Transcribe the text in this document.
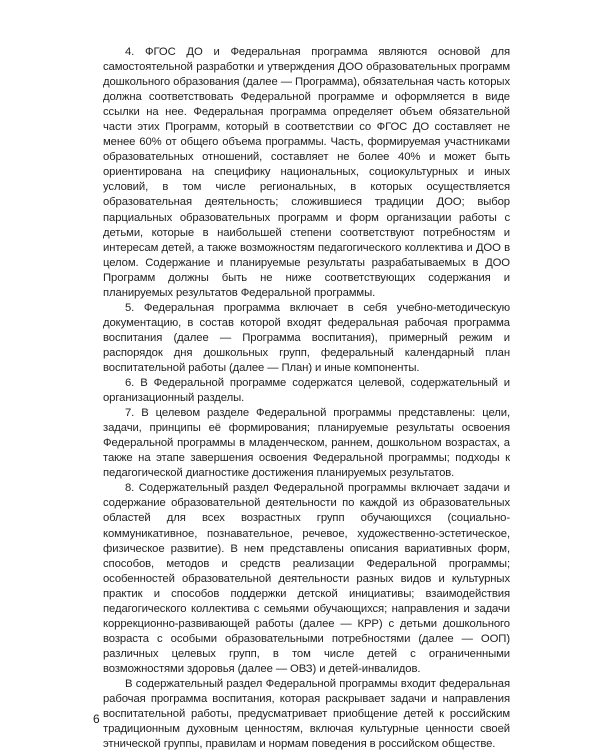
4. ФГОС ДО и Федеральная программа являются основой для самостоятельной разработки и утверждения ДОО образовательных программ дошкольного образования (далее — Программа), обязательная часть которых должна соответствовать Федеральной программе и оформляется в виде ссылки на нее. Федеральная программа определяет объем обязательной части этих Программ, который в соответствии со ФГОС ДО составляет не менее 60% от общего объема программы. Часть, формируемая участниками образовательных отношений, составляет не более 40% и может быть ориентирована на специфику национальных, социокультурных и иных условий, в том числе региональных, в которых осуществляется образовательная деятельность; сложившиеся традиции ДОО; выбор парциальных образовательных программ и форм организации работы с детьми, которые в наибольшей степени соответствуют потребностям и интересам детей, а также возможностям педагогического коллектива и ДОО в целом. Содержание и планируемые результаты разрабатываемых в ДОО Программ должны быть не ниже соответствующих содержания и планируемых результатов Федеральной программы.

5. Федеральная программа включает в себя учебно-методическую документацию, в состав которой входят федеральная рабочая программа воспитания (далее — Программа воспитания), примерный режим и распорядок дня дошкольных групп, федеральный календарный план воспитательной работы (далее — План) и иные компоненты.

6. В Федеральной программе содержатся целевой, содержательный и организационный разделы.

7. В целевом разделе Федеральной программы представлены: цели, задачи, принципы её формирования; планируемые результаты освоения Федеральной программы в младенческом, раннем, дошкольном возрастах, а также на этапе завершения освоения Федеральной программы; подходы к педагогической диагностике достижения планируемых результатов.

8. Содержательный раздел Федеральной программы включает задачи и содержание образовательной деятельности по каждой из образовательных областей для всех возрастных групп обучающихся (социально-коммуникативное, познавательное, речевое, художественно-эстетическое, физическое развитие). В нем представлены описания вариативных форм, способов, методов и средств реализации Федеральной программы; особенностей образовательной деятельности разных видов и культурных практик и способов поддержки детской инициативы; взаимодействия педагогического коллектива с семьями обучающихся; направления и задачи коррекционно-развивающей работы (далее — КРР) с детьми дошкольного возраста с особыми образовательными потребностями (далее — ООП) различных целевых групп, в том числе детей с ограниченными возможностями здоровья (далее — ОВЗ) и детей-инвалидов.

В содержательный раздел Федеральной программы входит федеральная рабочая программа воспитания, которая раскрывает задачи и направления воспитательной работы, предусматривает приобщение детей к российским традиционным духовным ценностям, включая культурные ценности своей этнической группы, правилам и нормам поведения в российском обществе.

6
